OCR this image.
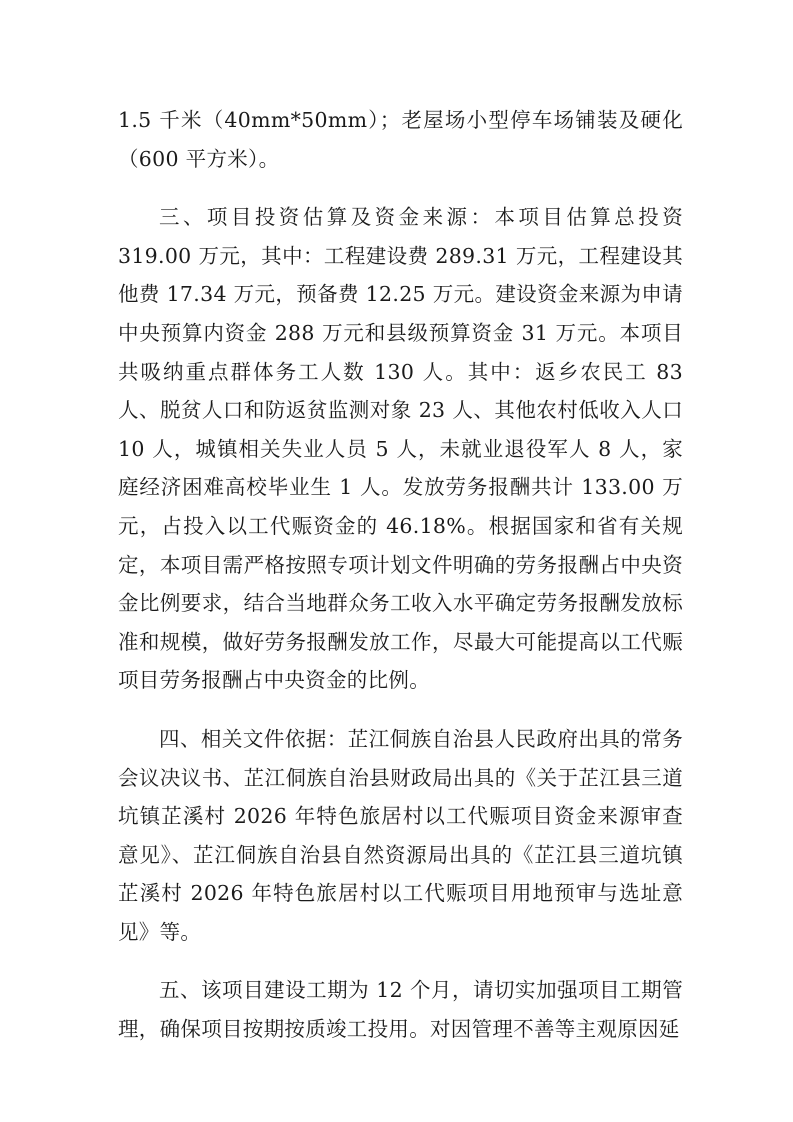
1.5 千米（40mm*50mm）；老屋场小型停车场铺装及硬化（600 平方米）。

三、项目投资估算及资金来源：本项目估算总投资 319.00 万元，其中：工程建设费 289.31 万元，工程建设其他费 17.34 万元，预备费 12.25 万元。建设资金来源为申请中央预算内资金 288 万元和县级预算资金 31 万元。本项目共吸纳重点群体务工人数 130 人。其中：返乡农民工 83 人、脱贫人口和防返贫监测对象 23 人、其他农村低收入人口 10 人，城镇相关失业人员 5 人，未就业退役军人 8 人，家庭经济困难高校毕业生 1 人。发放劳务报酬共计 133.00 万元，占投入以工代赈资金的 46.18%。根据国家和省有关规定，本项目需严格按照专项计划文件明确的劳务报酬占中央资金比例要求，结合当地群众务工收入水平确定劳务报酬发放标准和规模，做好劳务报酬发放工作，尽最大可能提高以工代赈项目劳务报酬占中央资金的比例。

四、相关文件依据：芷江侗族自治县人民政府出具的常务会议决议书、芷江侗族自治县财政局出具的《关于芷江县三道坑镇芷溪村 2026 年特色旅居村以工代赈项目资金来源审查意见》、芷江侗族自治县自然资源局出具的《芷江县三道坑镇芷溪村 2026 年特色旅居村以工代赈项目用地预审与选址意见》等。

五、该项目建设工期为 12 个月，请切实加强项目工期管理，确保项目按期按质竣工投用。对因管理不善等主观原因延
